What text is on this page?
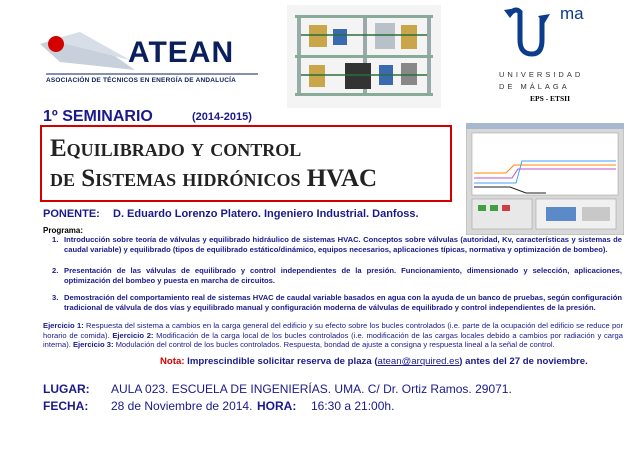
ATEAN
ASOCIACIÓN DE TÉCNICOS EN ENERGÍA DE ANDALUCÍA
ma
UNIVERSIDAD
DE MÁLAGA
EPS - ETSII
1º SEMINARIO	(2014-2015)
Equilibrado y control
de Sistemas hidrónicos HVAC
PONENTE: D. Eduardo Lorenzo Platero. Ingeniero Industrial. Danfoss.
Programa:
1. Introducción sobre teoría de válvulas y equilibrado hidráulico de sistemas HVAC. Conceptos sobre válvulas (autoridad, Kv, características y sistemas de caudal variable) y equilibrado (tipos de equilibrado estático/dinámico, equipos necesarios, aplicaciones típicas, normativa y optimización de bombeo).
2. Presentación de las válvulas de equilibrado y control independientes de la presión. Funcionamiento, dimensionado y selección, aplicaciones, optimización del bombeo y puesta en marcha de circuitos.
3. Demostración del comportamiento real de sistemas HVAC de caudal variable basados en agua con la ayuda de un banco de pruebas, según configuración tradicional de válvula de dos vías y equilibrado manual y configuración moderna de válvulas de equilibrado y control independientes de la presión.
Ejercicio 1: Respuesta del sistema a cambios en la carga general del edificio y su efecto sobre los bucles controlados (i.e. parte de la ocupación del edificio se reduce por horario de comida). Ejercicio 2: Modificación de la carga local de los bucles controlados (i.e. modificación de las cargas locales debido a cambios por radiación y carga interna). Ejercicio 3: Modulación del control de los bucles controlados. Respuesta, bondad de ajuste a consigna y respuesta lineal a la señal de control.
Nota: Imprescindible solicitar reserva de plaza (atean@arquired.es) antes del 27 de noviembre.
LUGAR: AULA 023. ESCUELA DE INGENIERÍAS. UMA. C/ Dr. Ortiz Ramos. 29071.
FECHA: 28 de Noviembre de 2014. HORA: 16:30 a 21:00h.
